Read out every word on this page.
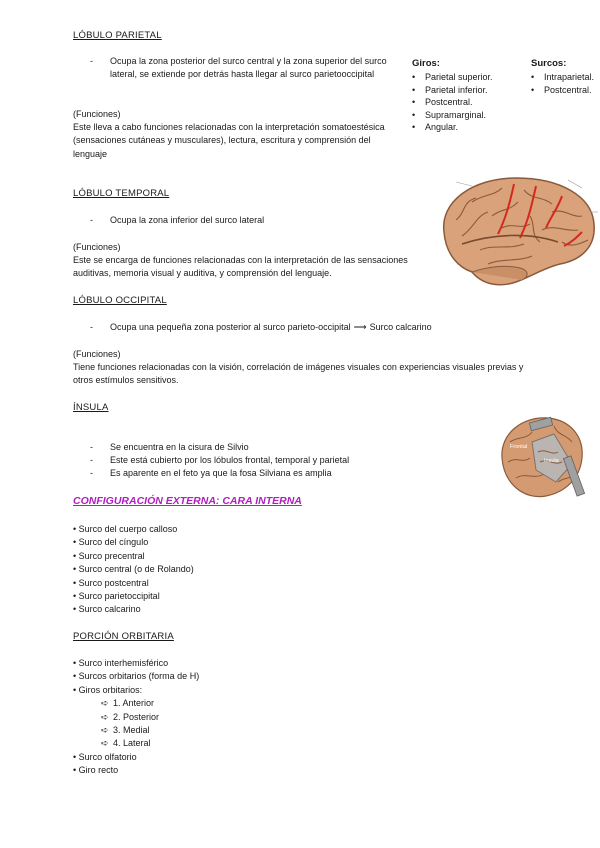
LÓBULO PARIETAL
-	Ocupa la zona posterior del surco central y la zona superior del surco lateral, se extiende por detrás hasta llegar al surco parietooccipital
(Funciones)
Este lleva a cabo funciones relacionadas con la interpretación somatoestésica (sensaciones cutáneas y musculares), lectura, escritura y comprensión del lenguaje
Giros:
• Parietal superior.
• Parietal inferior.
• Postcentral.
• Supramarginal.
• Angular.
Surcos:
• Intraparietal.
• Postcentral.
LÓBULO TEMPORAL
-	Ocupa la zona inferior del surco lateral
(Funciones)
Este se encarga de funciones relacionadas con la interpretación de las sensaciones auditivas, memoria visual y auditiva, y comprensión del lenguaje.
LÓBULO OCCIPITAL
-	Ocupa una pequeña zona posterior al surco parieto-occipital ⟶ Surco calcarino
(Funciones)
Tiene funciones relacionadas con la visión, correlación de imágenes visuales con experiencias visuales previas y otros estímulos sensitivos.
ÍNSULA
-	Se encuentra en la cisura de Silvio
-	Este está cubierto por los lóbulos frontal, temporal y parietal
-	Es aparente en el feto ya que la fosa Silviana es amplia
Frontal
Insula
CONFIGURACIÓN EXTERNA: CARA INTERNA
• Surco del cuerpo calloso
• Surco del cíngulo
• Surco precentral
• Surco central (o de Rolando)
• Surco postcentral
• Surco parietoccipital
• Surco calcarino
PORCIÓN ORBITARIA
• Surco interhemisférico
• Surcos orbitarios (forma de H)
• Giros orbitarios:
➪ 1. Anterior
➪ 2. Posterior
➪ 3. Medial
➪ 4. Lateral
• Surco olfatorio
• Giro recto
